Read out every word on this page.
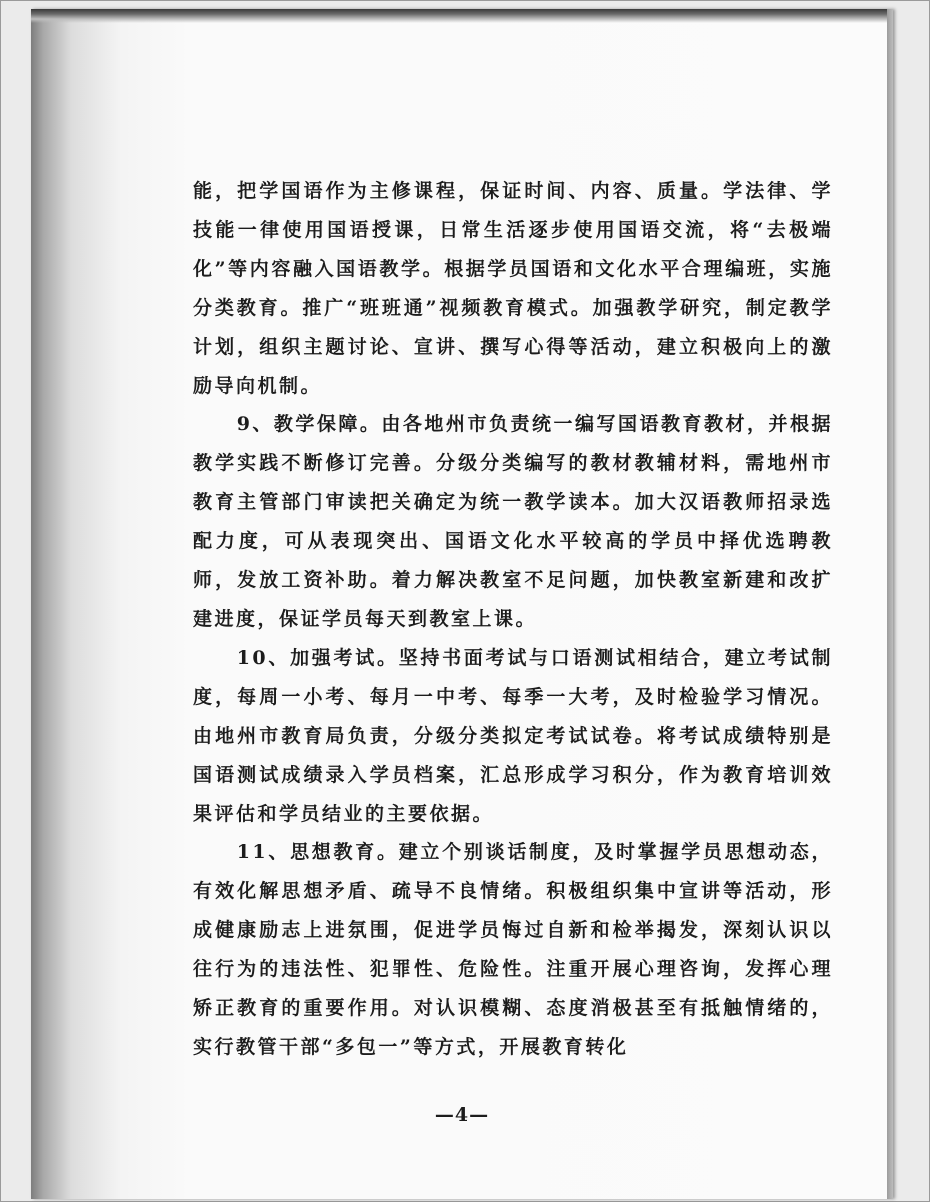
能，把学国语作为主修课程，保证时间、内容、质量。学法律、学技能一律使用国语授课，日常生活逐步使用国语交流，将“去极端化”等内容融入国语教学。根据学员国语和文化水平合理编班，实施分类教育。推广“班班通”视频教育模式。加强教学研究，制定教学计划，组织主题讨论、宣讲、撰写心得等活动，建立积极向上的激励导向机制。

9、教学保障。由各地州市负责统一编写国语教育教材，并根据教学实践不断修订完善。分级分类编写的教材教辅材料，需地州市教育主管部门审读把关确定为统一教学读本。加大汉语教师招录选配力度，可从表现突出、国语文化水平较高的学员中择优选聘教师，发放工资补助。着力解决教室不足问题，加快教室新建和改扩建进度，保证学员每天到教室上课。

10、加强考试。坚持书面考试与口语测试相结合，建立考试制度，每周一小考、每月一中考、每季一大考，及时检验学习情况。由地州市教育局负责，分级分类拟定考试试卷。将考试成绩特别是国语测试成绩录入学员档案，汇总形成学习积分，作为教育培训效果评估和学员结业的主要依据。

11、思想教育。建立个别谈话制度，及时掌握学员思想动态，有效化解思想矛盾、疏导不良情绪。积极组织集中宣讲等活动，形成健康励志上进氛围，促进学员悔过自新和检举揭发，深刻认识以往行为的违法性、犯罪性、危险性。注重开展心理咨询，发挥心理矫正教育的重要作用。对认识模糊、态度消极甚至有抵触情绪的，实行教管干部“多包一”等方式，开展教育转化

—4—
